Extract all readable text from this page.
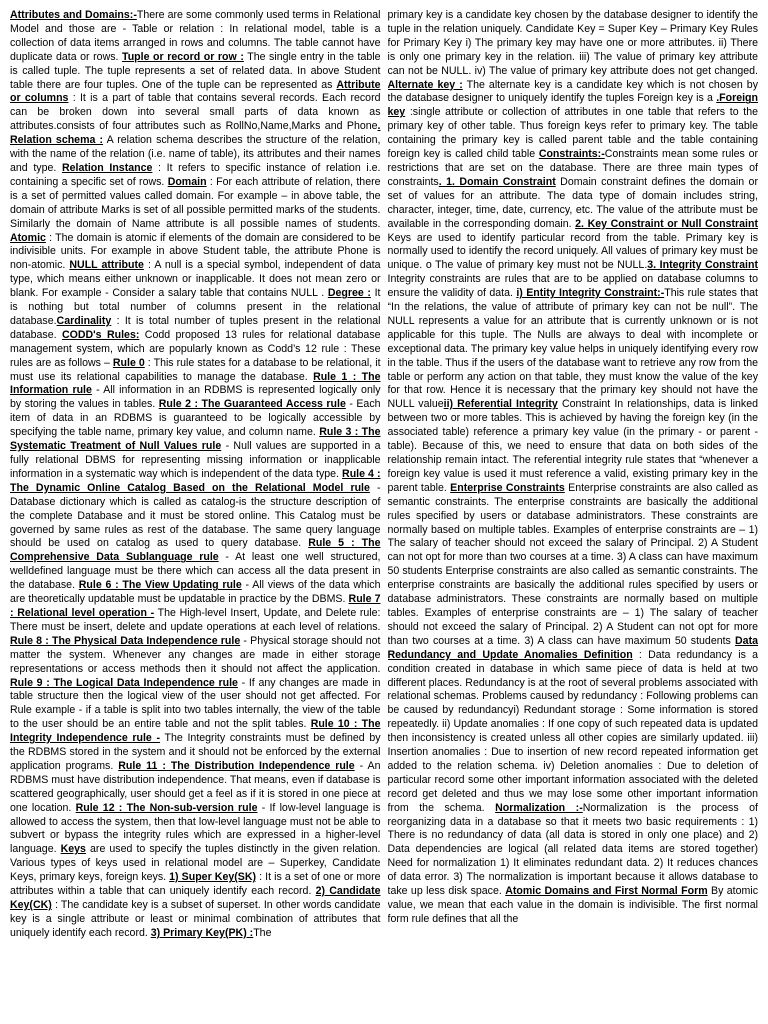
Attributes and Domains:-There are some commonly used terms in Relational Model and those are - Table or relation : In relational model, table is a collection of data items arranged in rows and columns. The table cannot have duplicate data or rows. Tuple or record or row : The single entry in the table is called tuple. The tuple represents a set of related data. In above Student table there are four tuples. One of the tuple can be represented as Attribute or columns : It is a part of table that contains several records. Each record can be broken down into several small parts of data known as attributes.consists of four attributes such as RollNo,Name,Marks and Phone. Relation schema : A relation schema describes the structure of the relation, with the name of the relation (i.e. name of table), its attributes and their names and type. Relation Instance : It refers to specific instance of relation i.e. containing a specific set of rows. Domain : For each attribute of relation, there is a set of permitted values called domain. For example – in above table, the domain of attribute Marks is set of all possible permitted marks of the students. Similarly the domain of Name attribute is all possible names of students. Atomic : The domain is atomic if elements of the domain are considered to be indivisible units. For example in above Student table, the attribute Phone is non-atomic. NULL attribute : A null is a special symbol, independent of data type, which means either unknown or inapplicable. It does not mean zero or blank. For example - Consider a salary table that contains NULL . Degree : It is nothing but total number of columns present in the relational database.Cardinality : It is total number of tuples present in the relational database. CODD's Rules: Codd proposed 13 rules for relational database management system, which are popularly known as Codd’s 12 rule : These rules are as follows – Rule 0 : This rule states for a database to be relational, it must use its relational capabilities to manage the database. Rule 1 : The Information rule - All information in an RDBMS is represented logically only by storing the values in tables. Rule 2 : The Guaranteed Access rule - Each item of data in an RDBMS is guaranteed to be logically accessible by specifying the table name, primary key value, and column name. Rule 3 : The Systematic Treatment of Null Values rule - Null values are supported in a fully relational DBMS for representing missing information or inapplicable information in a systematic way which is independent of the data type. Rule 4 : The Dynamic Online Catalog Based on the Relational Model rule - Database dictionary which is called as catalog-is the structure description of the complete Database and it must be stored online. This Catalog must be governed by same rules as rest of the database. The same query language should be used on catalog as used to query database. Rule 5 : The Comprehensive Data Sublanguage rule - At least one well structured, welldefined language must be there which can access all the data present in the database. Rule 6 : The View Updating rule - All views of the data which are theoretically updatable must be updatable in practice by the DBMS. Rule 7 : Relational level operation - The High-level Insert, Update, and Delete rule: There must be insert, delete and update operations at each level of relations. Rule 8 : The Physical Data Independence rule - Physical storage should not matter the system. Whenever any changes are made in either storage representations or access methods then it should not affect the application. Rule 9 : The Logical Data Independence rule - If any changes are made in table structure then the logical view of the user should not get affected. For Rule example - if a table is split into two tables internally, the view of the table to the user should be an entire table and not the split tables. Rule 10 : The Integrity Independence rule - The Integrity constraints must be defined by the RDBMS stored in the system and it should not be enforced by the external application programs. Rule 11 : The Distribution Independence rule - An RDBMS must have distribution independence. That means, even if database is scattered geographically, user should get a feel as if it is stored in one piece at one location. Rule 12 : The Non-sub-version rule - If low-level language is allowed to access the system, then that low-level language must not be able to subvert or bypass the integrity rules which are expressed in a higher-level language. Keys are used to specify the tuples distinctly in the given relation. Various types of keys used in relational model are – Superkey, Candidate Keys, primary keys, foreign keys. 1) Super Key(SK) : It is a set of one or more attributes within a table that can uniquely identify each record. 2) Candidate Key(CK) : The candidate key is a subset of superset. In other words candidate key is a single attribute or least or minimal combination of attributes that uniquely identify each record. 3) Primary Key(PK) :The

primary key is a candidate key chosen by the database designer to identify the tuple in the relation uniquely. Candidate Key = Super Key – Primary Key Rules for Primary Key i) The primary key may have one or more attributes. ii) There is only one primary key in the relation. iii) The value of primary key attribute can not be NULL. iv) The value of primary key attribute does not get changed. Alternate key : The alternate key is a candidate key which is not chosen by the database designer to uniquely identify the tuples Foreign key is a .Foreign key :single attribute or collection of attributes in one table that refers to the primary key of other table. Thus foreign keys refer to primary key. The table containing the primary key is called parent table and the table containing foreign key is called child table Constraints:-Constraints mean some rules or restrictions that are set on the database. There are three main types of constraints. 1. Domain Constraint Domain constraint defines the domain or set of values for an attribute. The data type of domain includes string, character, integer, time, date, currency, etc. The value of the attribute must be available in the corresponding domain. 2. Key Constraint or Null Constraint Keys are used to identify particular record from the table. Primary key is normally used to identify the record uniquely. All values of primary key must be unique. o The value of primary key must not be NULL.3. Integrity Constraint Integrity constraints are rules that are to be applied on database columns to ensure the validity of data. i) Entity Integrity Constraint:-This rule states that “In the relations, the value of attribute of primary key can not be null”. The NULL represents a value for an attribute that is currently unknown or is not applicable for this tuple. The Nulls are always to deal with incomplete or exceptional data. The primary key value helps in uniquely identifying every row in the table. Thus if the users of the database want to retrieve any row from the table or perform any action on that table, they must know the value of the key for that row. Hence it is necessary that the primary key should not have the NULL valueii) Referential Integrity Constraint In relationships, data is linked between two or more tables. This is achieved by having the foreign key (in the associated table) reference a primary key value (in the primary - or parent - table). Because of this, we need to ensure that data on both sides of the relationship remain intact. The referential integrity rule states that “whenever a foreign key value is used it must reference a valid, existing primary key in the parent table. Enterprise Constraints Enterprise constraints are also called as semantic constraints. The enterprise constraints are basically the additional rules specified by users or database administrators. These constraints are normally based on multiple tables. Examples of enterprise constraints are – 1) The salary of teacher should not exceed the salary of Principal. 2) A Student can not opt for more than two courses at a time. 3) A class can have maximum 50 students Enterprise constraints are also called as semantic constraints. The enterprise constraints are basically the additional rules specified by users or database administrators. These constraints are normally based on multiple tables. Examples of enterprise constraints are – 1) The salary of teacher should not exceed the salary of Principal. 2) A Student can not opt for more than two courses at a time. 3) A class can have maximum 50 students Data Redundancy and Update Anomalies Definition : Data redundancy is a condition created in database in which same piece of data is held at two different places. Redundancy is at the root of several problems associated with relational schemas. Problems caused by redundancy : Following problems can be caused by redundancyi) Redundant storage : Some information is stored repeatedly. ii) Update anomalies : If one copy of such repeated data is updated then inconsistency is created unless all other copies are similarly updated. iii) Insertion anomalies : Due to insertion of new record repeated information get added to the relation schema. iv) Deletion anomalies : Due to deletion of particular record some other important information associated with the deleted record get deleted and thus we may lose some other important information from the schema. Normalization :-Normalization is the process of reorganizing data in a database so that it meets two basic requirements : 1) There is no redundancy of data (all data is stored in only one place) and 2) Data dependencies are logical (all related data items are stored together) Need for normalization 1) It eliminates redundant data. 2) It reduces chances of data error. 3) The normalization is important because it allows database to take up less disk space. Atomic Domains and First Normal Form By atomic value, we mean that each value in the domain is indivisible. The first normal form rule defines that all the
